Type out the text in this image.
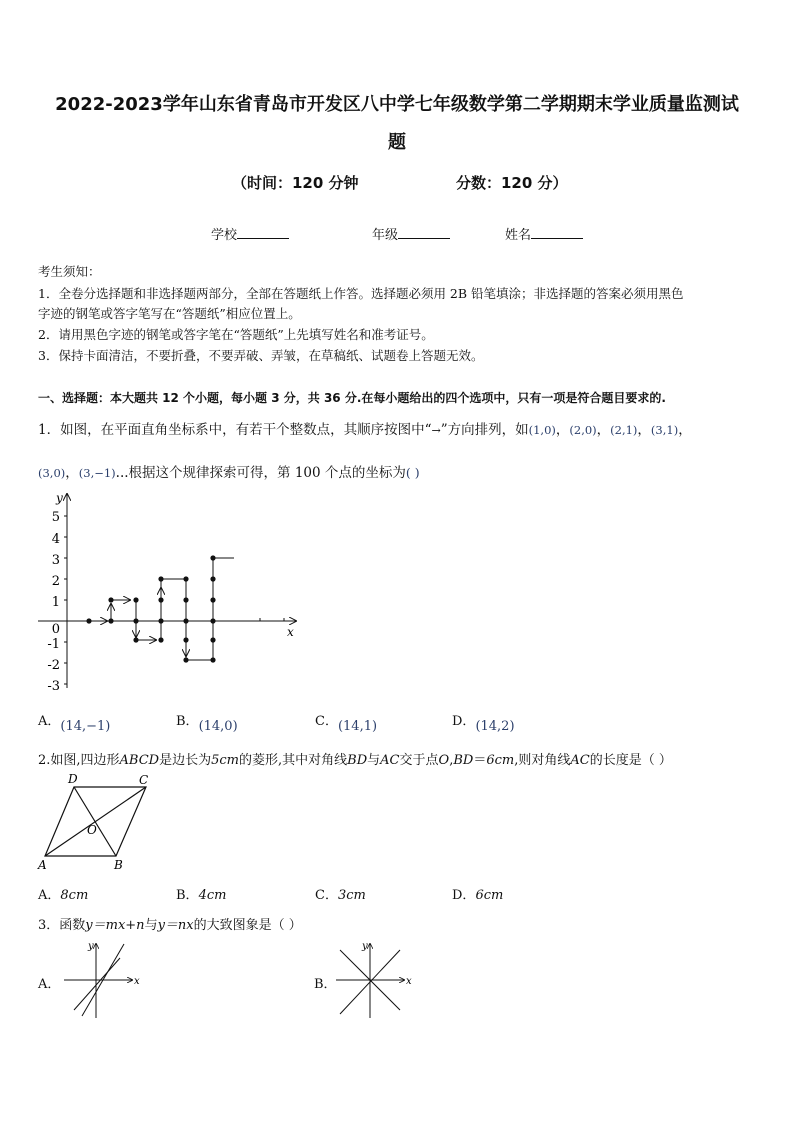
2022-2023学年山东省青岛市开发区八中学七年级数学第二学期期末学业质量监测试
题
（时间：120 分钟	分数：120 分）
学校	年级	姓名
考生须知：
1．全卷分选择题和非选择题两部分，全部在答题纸上作答。选择题必须用 2B 铅笔填涂；非选择题的答案必须用黑色
字迹的钢笔或答字笔写在“答题纸”相应位置上。
2．请用黑色字迹的钢笔或答字笔在“答题纸”上先填写姓名和准考证号。
3．保持卡面清洁，不要折叠，不要弄破、弄皱，在草稿纸、试题卷上答题无效。
一、选择题：本大题共 12 个小题，每小题 3 分，共 36 分.在每小题给出的四个选项中，只有一项是符合题目要求的.
1．如图，在平面直角坐标系中，有若干个整数点，其顺序按图中“→”方向排列，如(1,0)，(2,0)，(2,1)，(3,1)，
(3,0)，(3,−1)...根据这个规律探索可得，第 100 个点的坐标为( )
y
x
5
4
3
2
1
0
-1
-2
-3
A．(14,−1)	B．(14,0)	C．(14,1)	D．(14,2)
2.如图,四边形ABCD是边长为5cm的菱形,其中对角线BD与AC交于点O,BD＝6cm,则对角线AC的长度是（ ）
D	C
A	B
O
A．8cm	B．4cm	C．3cm	D．6cm
3．函数y＝mx+n与y＝nx的大致图象是（ ）
A．
y
x	B．
y
x
